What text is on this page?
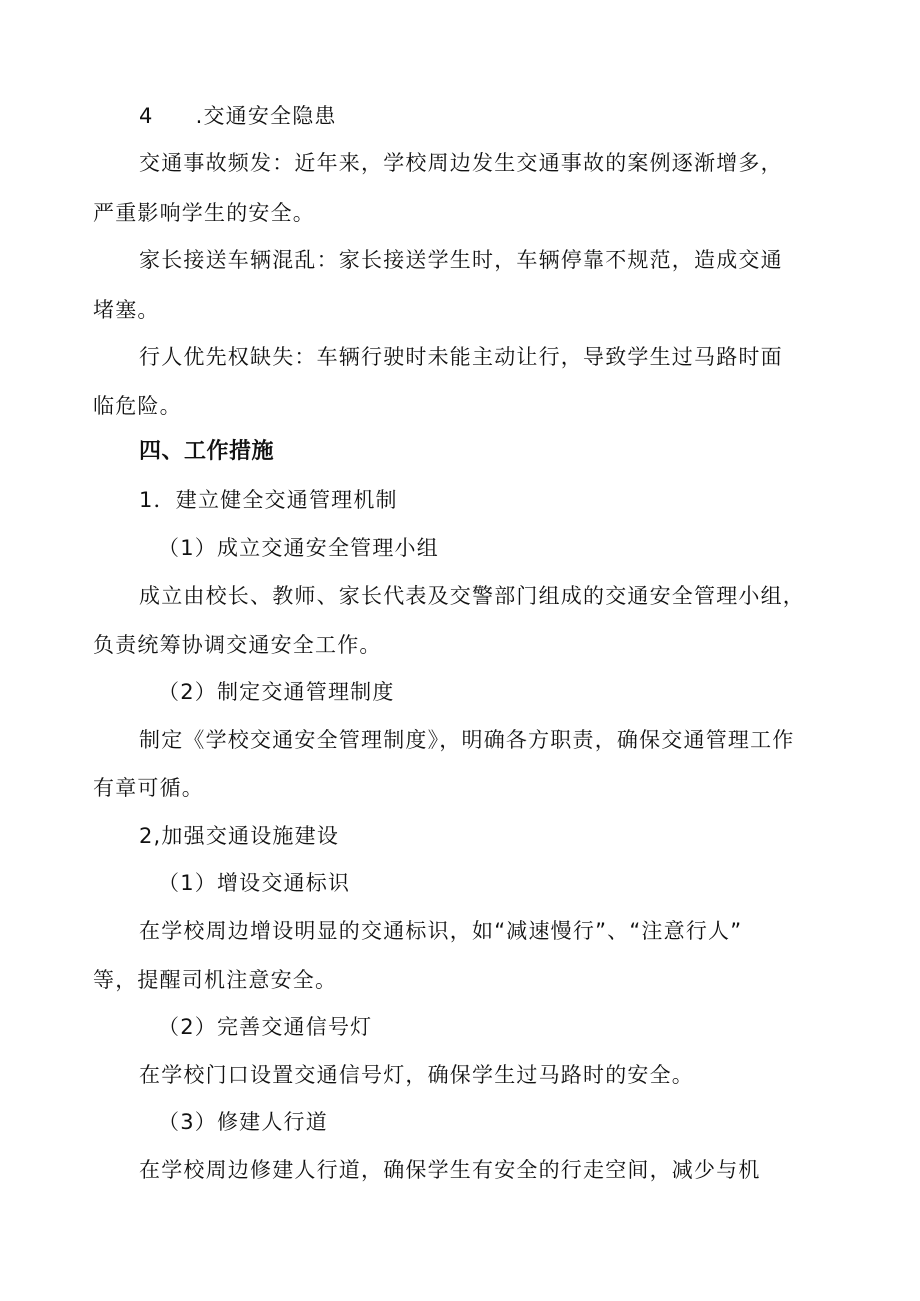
4 .交通安全隐患
交通事故频发：近年来，学校周边发生交通事故的案例逐渐增多，
严重影响学生的安全。
家长接送车辆混乱：家长接送学生时，车辆停靠不规范，造成交通
堵塞。
行人优先权缺失：车辆行驶时未能主动让行，导致学生过马路时面
临危险。
四、工作措施
1．建立健全交通管理机制
（1）成立交通安全管理小组
成立由校长、教师、家长代表及交警部门组成的交通安全管理小组，
负责统筹协调交通安全工作。
（2）制定交通管理制度
制定《学校交通安全管理制度》，明确各方职责，确保交通管理工作
有章可循。
2,加强交通设施建设
（1）增设交通标识
在学校周边增设明显的交通标识，如“减速慢行”、“注意行人”
等，提醒司机注意安全。
（2）完善交通信号灯
在学校门口设置交通信号灯，确保学生过马路时的安全。
（3）修建人行道
在学校周边修建人行道，确保学生有安全的行走空间，减少与机
